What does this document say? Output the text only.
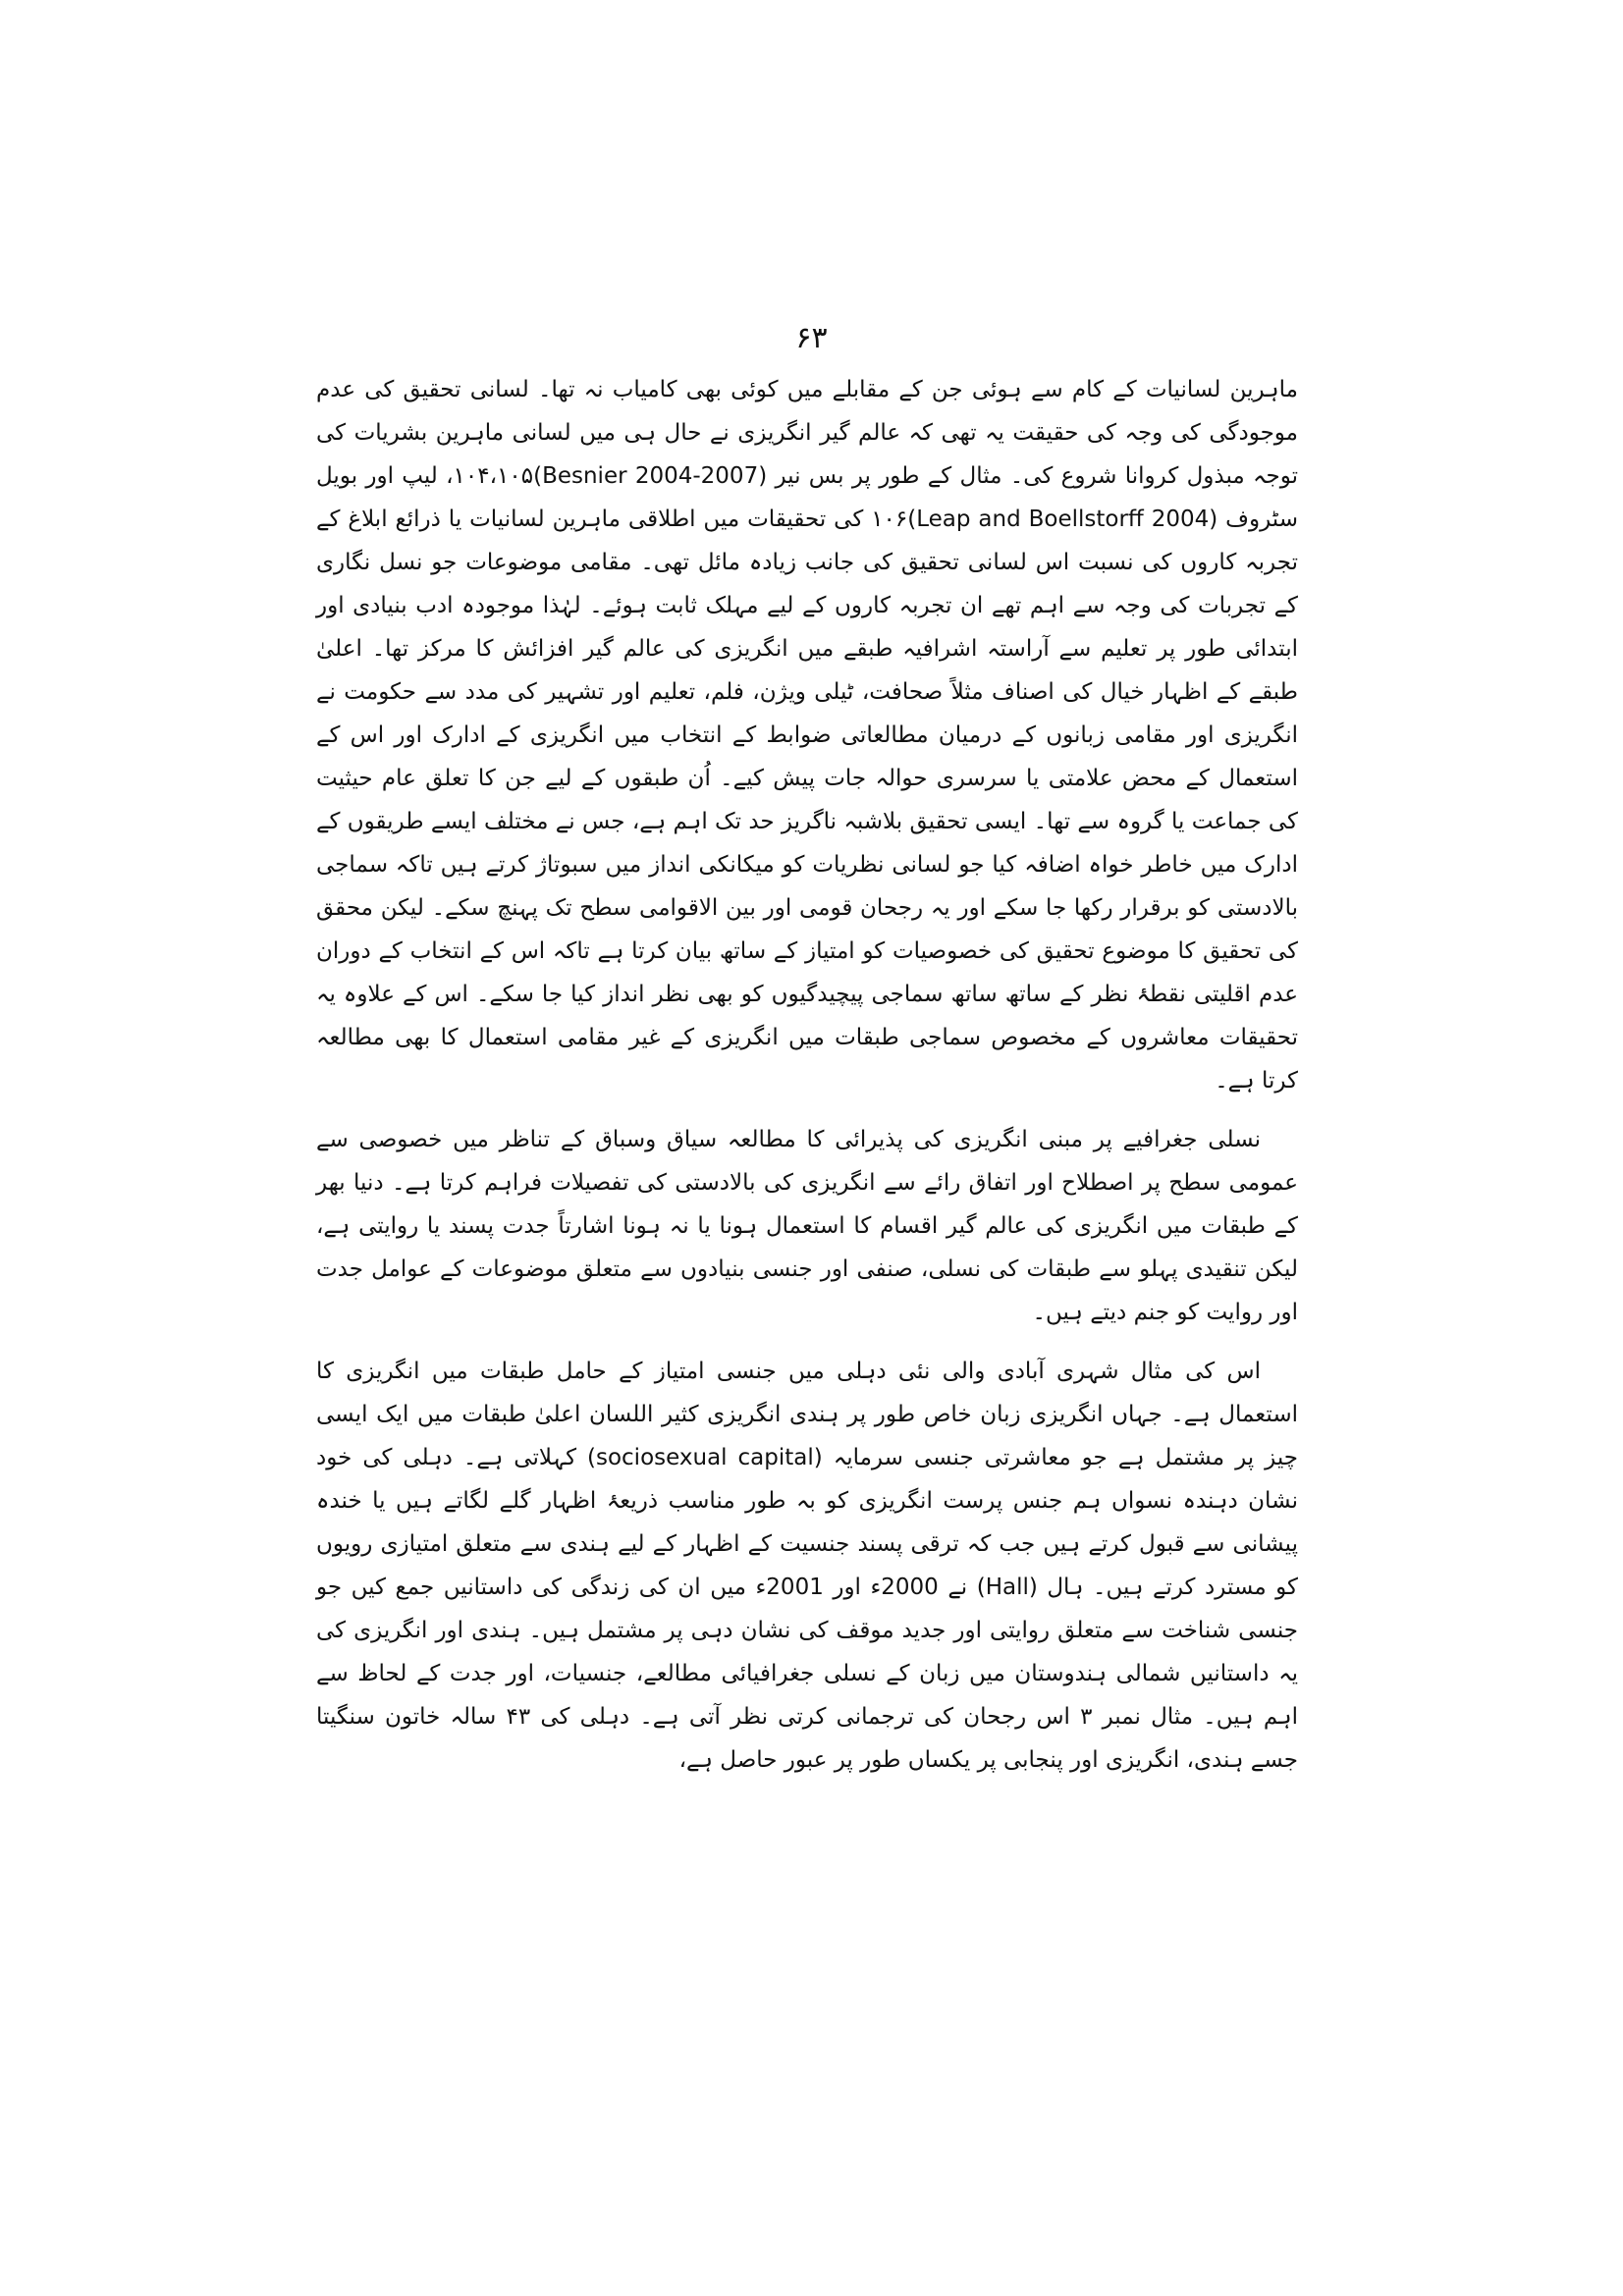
۶۳

ماہرین لسانیات کے کام سے ہوئی جن کے مقابلے میں کوئی بھی کامیاب نہ تھا۔ لسانی تحقیق کی عدم موجودگی کی وجہ کی حقیقت یہ تھی کہ عالم گیر انگریزی نے حال ہی میں لسانی ماہرین بشریات کی توجہ مبذول کروانا شروع کی۔ مثال کے طور پر بس نیر (Besnier 2004-2007)۱۰۴،۱۰۵، لیپ اور بویل سٹروف (Leap and Boellstorff 2004)۱۰۶ کی تحقیقات میں اطلاقی ماہرین لسانیات یا ذرائع ابلاغ کے تجربہ کاروں کی نسبت اس لسانی تحقیق کی جانب زیادہ مائل تھی۔ مقامی موضوعات جو نسل نگاری کے تجربات کی وجہ سے اہم تھے ان تجربہ کاروں کے لیے مہلک ثابت ہوئے۔ لہٰذا موجودہ ادب بنیادی اور ابتدائی طور پر تعلیم سے آراستہ اشرافیہ طبقے میں انگریزی کی عالم گیر افزائش کا مرکز تھا۔ اعلیٰ طبقے کے اظہار خیال کی اصناف مثلاً صحافت، ٹیلی ویژن، فلم، تعلیم اور تشہیر کی مدد سے حکومت نے انگریزی اور مقامی زبانوں کے درمیان مطالعاتی ضوابط کے انتخاب میں انگریزی کے ادارک اور اس کے استعمال کے محض علامتی یا سرسری حوالہ جات پیش کیے۔ اُن طبقوں کے لیے جن کا تعلق عام حیثیت کی جماعت یا گروہ سے تھا۔ ایسی تحقیق بلاشبہ ناگریز حد تک اہم ہے، جس نے مختلف ایسے طریقوں کے ادارک میں خاطر خواہ اضافہ کیا جو لسانی نظریات کو میکانکی انداز میں سبوتاژ کرتے ہیں تاکہ سماجی بالادستی کو برقرار رکھا جا سکے اور یہ رجحان قومی اور بین الاقوامی سطح تک پہنچ سکے۔ لیکن محقق کی تحقیق کا موضوع تحقیق کی خصوصیات کو امتیاز کے ساتھ بیان کرتا ہے تاکہ اس کے انتخاب کے دوران عدم اقلیتی نقطۂ نظر کے ساتھ ساتھ سماجی پیچیدگیوں کو بھی نظر انداز کیا جا سکے۔ اس کے علاوہ یہ تحقیقات معاشروں کے مخصوص سماجی طبقات میں انگریزی کے غیر مقامی استعمال کا بھی مطالعہ کرتا ہے۔

نسلی جغرافیے پر مبنی انگریزی کی پذیرائی کا مطالعہ سیاق وسباق کے تناظر میں خصوصی سے عمومی سطح پر اصطلاح اور اتفاق رائے سے انگریزی کی بالادستی کی تفصیلات فراہم کرتا ہے۔ دنیا بھر کے طبقات میں انگریزی کی عالم گیر اقسام کا استعمال ہونا یا نہ ہونا اشارتاً جدت پسند یا روایتی ہے، لیکن تنقیدی پہلو سے طبقات کی نسلی، صنفی اور جنسی بنیادوں سے متعلق موضوعات کے عوامل جدت اور روایت کو جنم دیتے ہیں۔

اس کی مثال شہری آبادی والی نئی دہلی میں جنسی امتیاز کے حامل طبقات میں انگریزی کا استعمال ہے۔ جہاں انگریزی زبان خاص طور پر ہندی انگریزی کثیر اللسان اعلیٰ طبقات میں ایک ایسی چیز پر مشتمل ہے جو معاشرتی جنسی سرمایہ (sociosexual capital) کہلاتی ہے۔ دہلی کی خود نشان دہندہ نسواں ہم جنس پرست انگریزی کو بہ طور مناسب ذریعۂ اظہار گلے لگاتے ہیں یا خندہ پیشانی سے قبول کرتے ہیں جب کہ ترقی پسند جنسیت کے اظہار کے لیے ہندی سے متعلق امتیازی رویوں کو مسترد کرتے ہیں۔ ہال (Hall) نے 2000ء اور 2001ء میں ان کی زندگی کی داستانیں جمع کیں جو جنسی شناخت سے متعلق روایتی اور جدید موقف کی نشان دہی پر مشتمل ہیں۔ ہندی اور انگریزی کی یہ داستانیں شمالی ہندوستان میں زبان کے نسلی جغرافیائی مطالعے، جنسیات، اور جدت کے لحاظ سے اہم ہیں۔ مثال نمبر ۳ اس رجحان کی ترجمانی کرتی نظر آتی ہے۔ دہلی کی ۴۳ سالہ خاتون سنگیتا جسے ہندی، انگریزی اور پنجابی پر یکساں طور پر عبور حاصل ہے،
